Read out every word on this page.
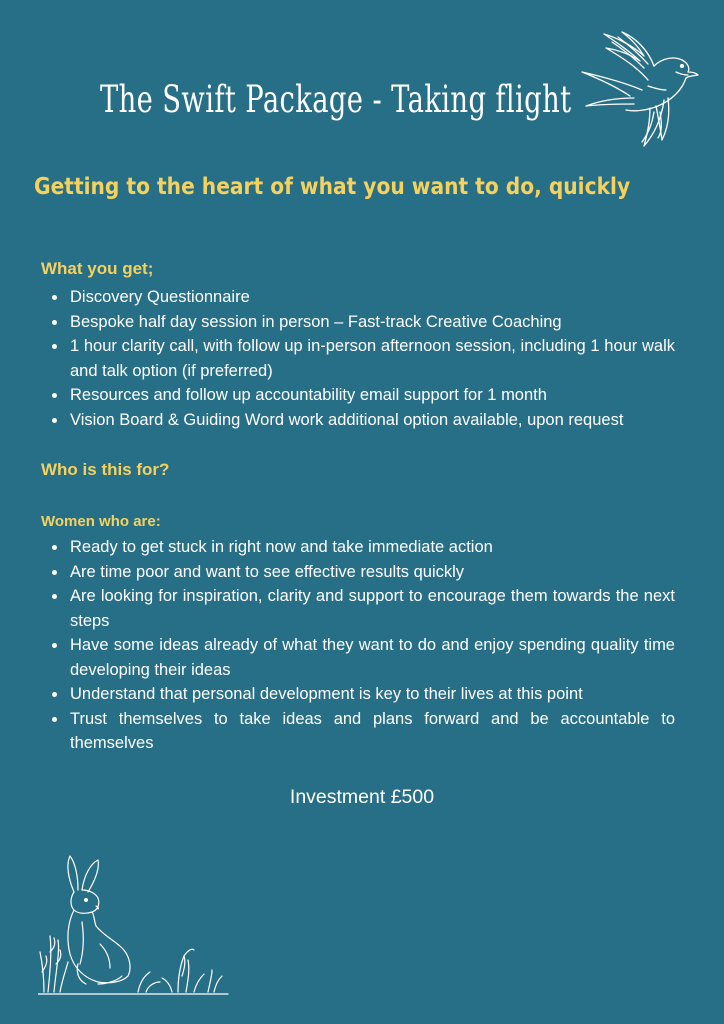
The Swift Package - Taking flight
Getting to the heart of what you want to do, quickly
What you get;
Discovery Questionnaire
Bespoke half day session in person – Fast-track Creative Coaching
1 hour clarity call, with follow up in-person afternoon session, including 1 hour walk and talk option (if preferred)
Resources and follow up accountability email support for 1 month
Vision Board & Guiding Word work additional option available, upon request
Who is this for?
Women who are:
Ready to get stuck in right now and take immediate action
Are time poor and want to see effective results quickly
Are looking for inspiration, clarity and support to encourage them towards the next steps
Have some ideas already of what they want to do and enjoy spending quality time developing their ideas
Understand that personal development is key to their lives at this point
Trust themselves to take ideas and plans forward and be accountable to themselves
Investment £500
